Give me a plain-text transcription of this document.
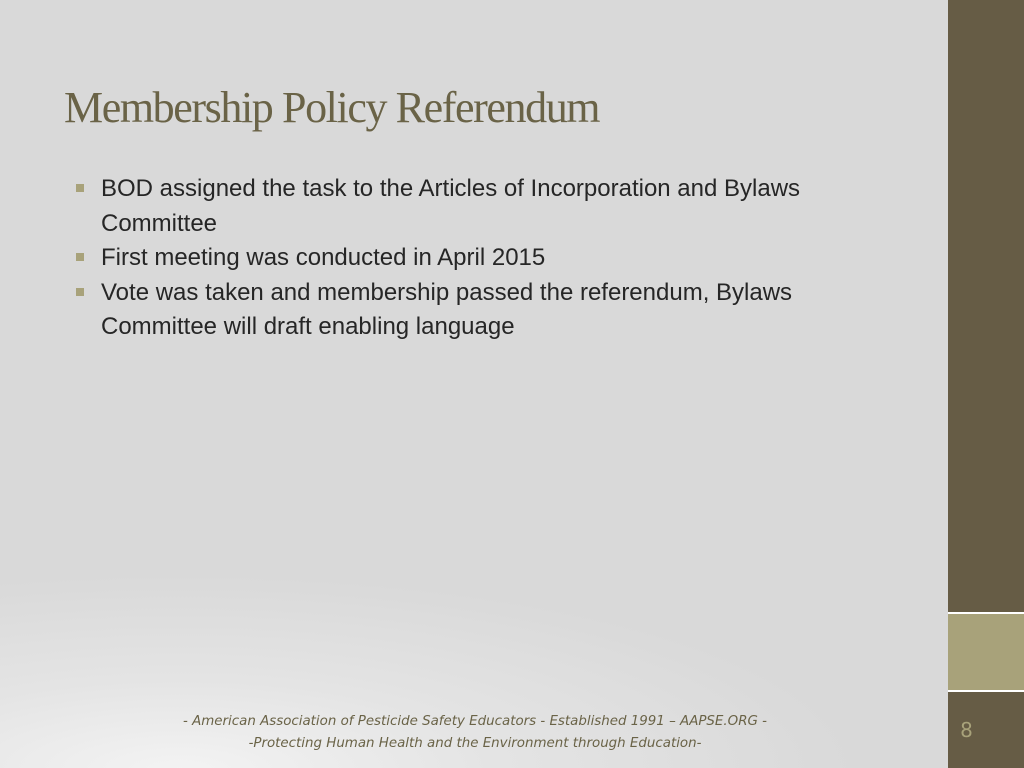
Membership Policy Referendum
BOD assigned the task to the Articles of Incorporation and Bylaws Committee
First meeting was conducted in April 2015
Vote was taken and membership passed the referendum, Bylaws Committee will draft enabling language
- American Association of Pesticide Safety Educators - Established 1991 – AAPSE.ORG -
-Protecting Human Health and the Environment through Education-
8
